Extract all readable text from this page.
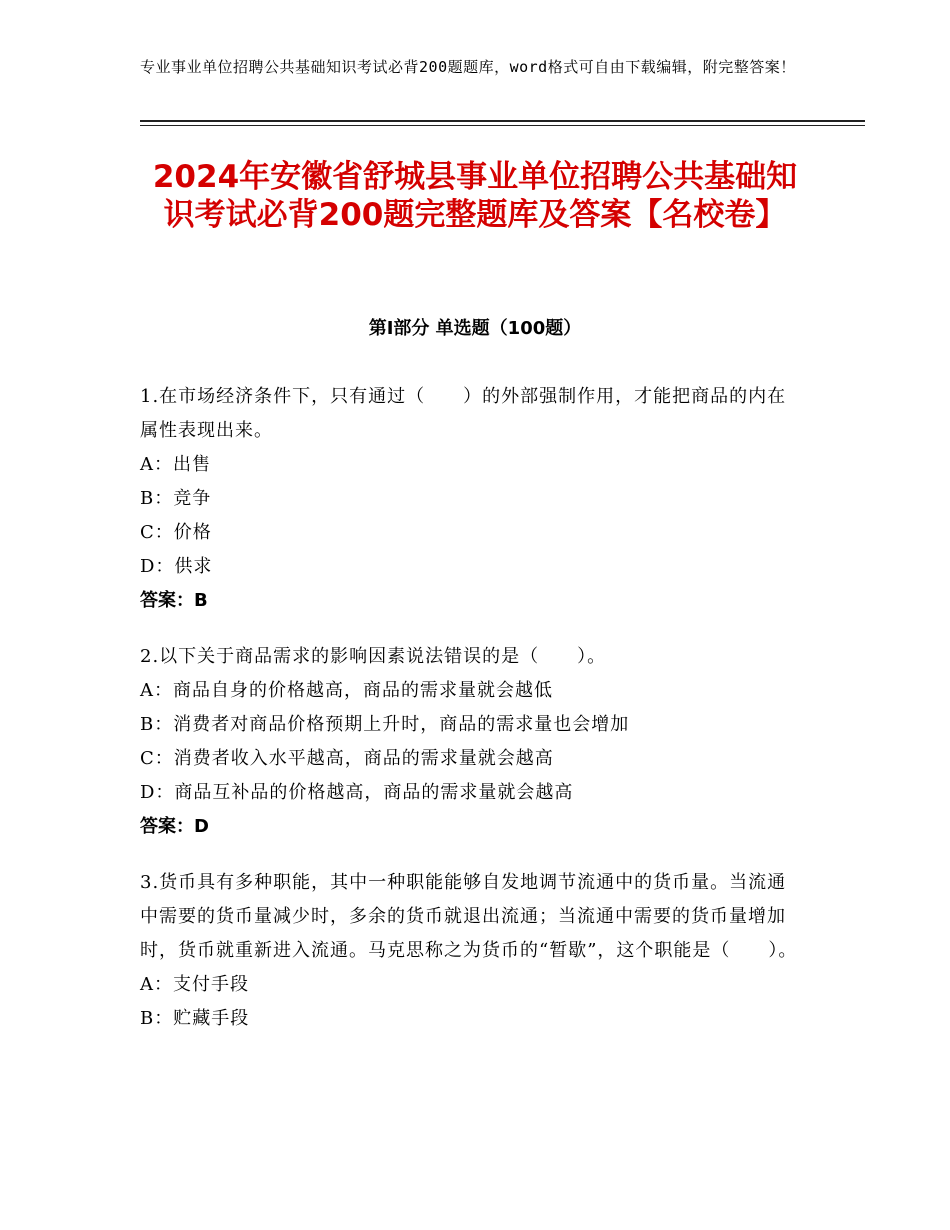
专业事业单位招聘公共基础知识考试必背200题题库，word格式可自由下载编辑，附完整答案！
2024年安徽省舒城县事业单位招聘公共基础知识考试必背200题完整题库及答案【名校卷】
第Ⅰ部分 单选题（100题）
1.在市场经济条件下，只有通过（　　）的外部强制作用，才能把商品的内在属性表现出来。
A：出售
B：竞争
C：价格
D：供求
答案：B
2.以下关于商品需求的影响因素说法错误的是（　　）。
A：商品自身的价格越高，商品的需求量就会越低
B：消费者对商品价格预期上升时，商品的需求量也会增加
C：消费者收入水平越高，商品的需求量就会越高
D：商品互补品的价格越高，商品的需求量就会越高
答案：D
3.货币具有多种职能，其中一种职能能够自发地调节流通中的货币量。当流通中需要的货币量减少时，多余的货币就退出流通；当流通中需要的货币量增加时，货币就重新进入流通。马克思称之为货币的“暂歇”，这个职能是（　　）。
A：支付手段
B：贮藏手段
